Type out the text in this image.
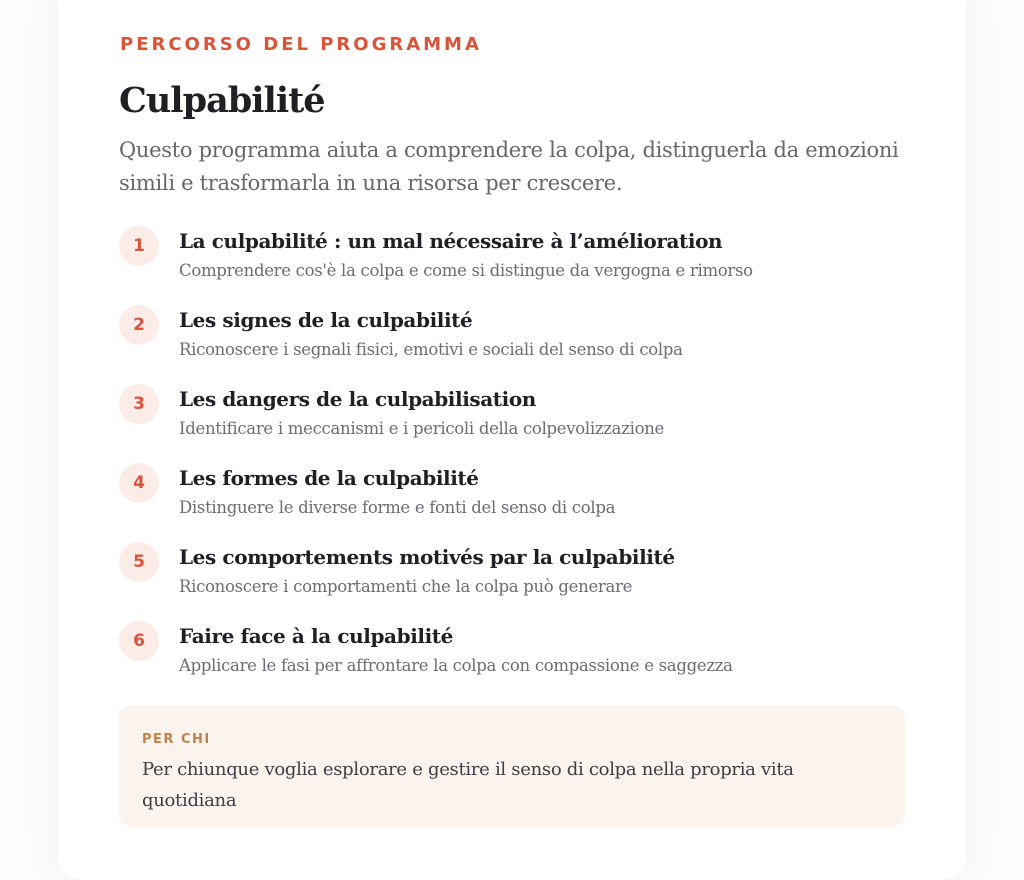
PERCORSO DEL PROGRAMMA
Culpabilité

Questo programma aiuta a comprendere la colpa, distinguerla da emozioni simili e trasformarla in una risorsa per crescere.

1	La culpabilité : un mal nécessaire à l’amélioration
Comprendere cos'è la colpa e come si distingue da vergogna e rimorso
2	Les signes de la culpabilité
Riconoscere i segnali fisici, emotivi e sociali del senso di colpa
3	Les dangers de la culpabilisation
Identificare i meccanismi e i pericoli della colpevolizzazione
4	Les formes de la culpabilité
Distinguere le diverse forme e fonti del senso di colpa
5	Les comportements motivés par la culpabilité
Riconoscere i comportamenti che la colpa può generare
6	Faire face à la culpabilité
Applicare le fasi per affrontare la colpa con compassione e saggezza
PER CHI
Per chiunque voglia esplorare e gestire il senso di colpa nella propria vita quotidiana
